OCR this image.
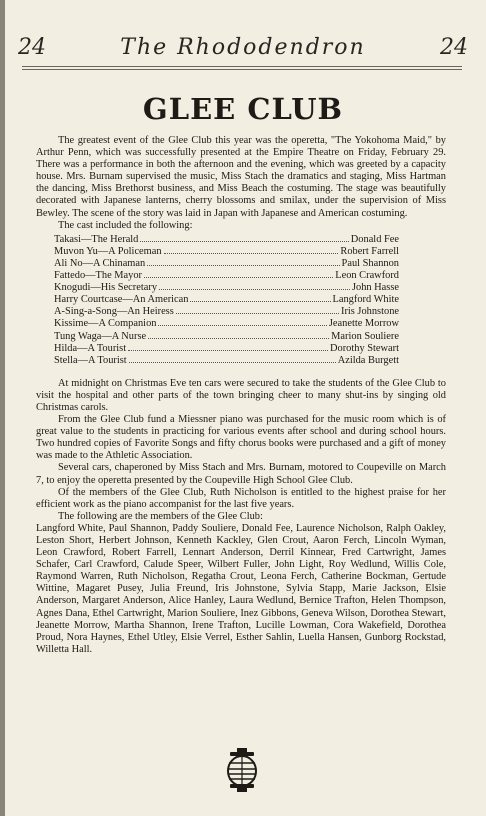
24	The Rhododendron	24
GLEE CLUB

The greatest event of the Glee Club this year was the operetta, "The Yokohoma Maid," by Arthur Penn, which was successfully presented at the Empire Theatre on Friday, February 29. There was a performance in both the afternoon and the evening, which was greeted by a capacity house. Mrs. Burnam supervised the music, Miss Stach the dramatics and staging, Miss Hartman the dancing, Miss Brethorst business, and Miss Beach the costuming. The stage was beautifully decorated with Japanese lanterns, cherry blossoms and smilax, under the supervision of Miss Bewley. The scene of the story was laid in Japan with Japanese and American costuming.

The cast included the following:

Takasi—The Herald	Donald Fee
Muvon Yu—A Policeman	Robert Farrell
Ali No—A Chinaman	Paul Shannon
Fattedo—The Mayor	Leon Crawford
Knogudi—His Secretary	John Hasse
Harry Courtcase—An American	Langford White
A-Sing-a-Song—An Heiress	Iris Johnstone
Kissime—A Companion	Jeanette Morrow
Tung Waga—A Nurse	Marion Souliere
Hilda—A Tourist	Dorothy Stewart
Stella—A Tourist	Azilda Burgett

At midnight on Christmas Eve ten cars were secured to take the students of the Glee Club to visit the hospital and other parts of the town bringing cheer to many shut-ins by singing old Christmas carols.

From the Glee Club fund a Miessner piano was purchased for the music room which is of great value to the students in practicing for various events after school and during school hours. Two hundred copies of Favorite Songs and fifty chorus books were purchased and a gift of money was made to the Athletic Association.

Several cars, chaperoned by Miss Stach and Mrs. Burnam, motored to Coupeville on March 7, to enjoy the operetta presented by the Coupeville High School Glee Club.

Of the members of the Glee Club, Ruth Nicholson is entitled to the highest praise for her efficient work as the piano accompanist for the last five years.

The following are the members of the Glee Club:

Langford White, Paul Shannon, Paddy Souliere, Donald Fee, Laurence Nicholson, Ralph Oakley, Leston Short, Herbert Johnson, Kenneth Kackley, Glen Crout, Aaron Ferch, Lincoln Wyman, Leon Crawford, Robert Farrell, Lennart Anderson, Derril Kinnear, Fred Cartwright, James Schafer, Carl Crawford, Calude Speer, Wilbert Fuller, John Light, Roy Wedlund, Willis Cole, Raymond Warren, Ruth Nicholson, Regatha Crout, Leona Ferch, Catherine Bockman, Gertude Wittine, Magaret Pusey, Julia Freund, Iris Johnstone, Sylvia Stapp, Marie Jackson, Elsie Anderson, Margaret Anderson, Alice Hanley, Laura Wedlund, Bernice Trafton, Helen Thompson, Agnes Dana, Ethel Cartwright, Marion Souliere, Inez Gibbons, Geneva Wilson, Dorothea Stewart, Jeanette Morrow, Martha Shannon, Irene Trafton, Lucille Lowman, Cora Wakefield, Dorothea Proud, Nora Haynes, Ethel Utley, Elsie Verrel, Esther Sahlin, Luella Hansen, Gunborg Rockstad, Willetta Hall.
